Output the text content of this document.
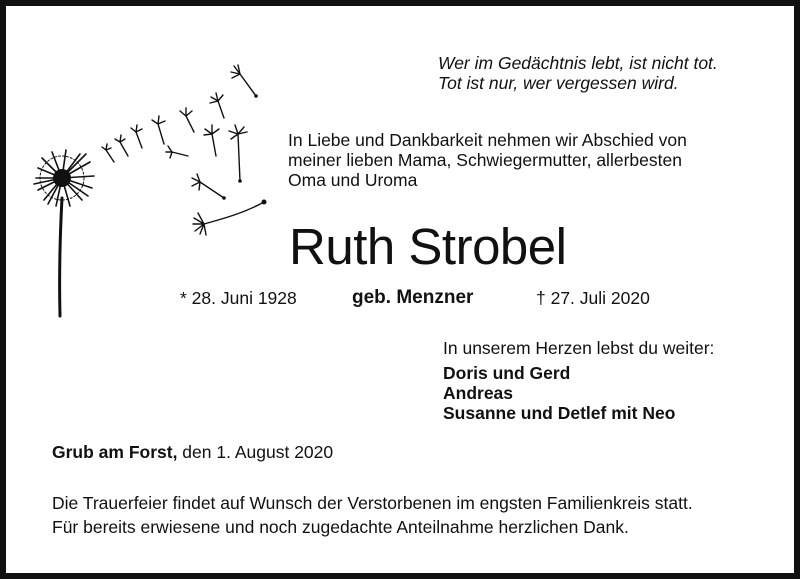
Wer im Gedächtnis lebt, ist nicht tot.
Tot ist nur, wer vergessen wird.
In Liebe und Dankbarkeit nehmen wir Abschied von
meiner lieben Mama, Schwiegermutter, allerbesten
Oma und Uroma
Ruth Strobel
* 28. Juni 1928	geb. Menzner	† 27. Juli 2020
In unserem Herzen lebst du weiter:
Doris und Gerd
Andreas
Susanne und Detlef mit Neo
Grub am Forst, den 1. August 2020
Die Trauerfeier findet auf Wunsch der Verstorbenen im engsten Familienkreis statt.
Für bereits erwiesene und noch zugedachte Anteilnahme herzlichen Dank.
